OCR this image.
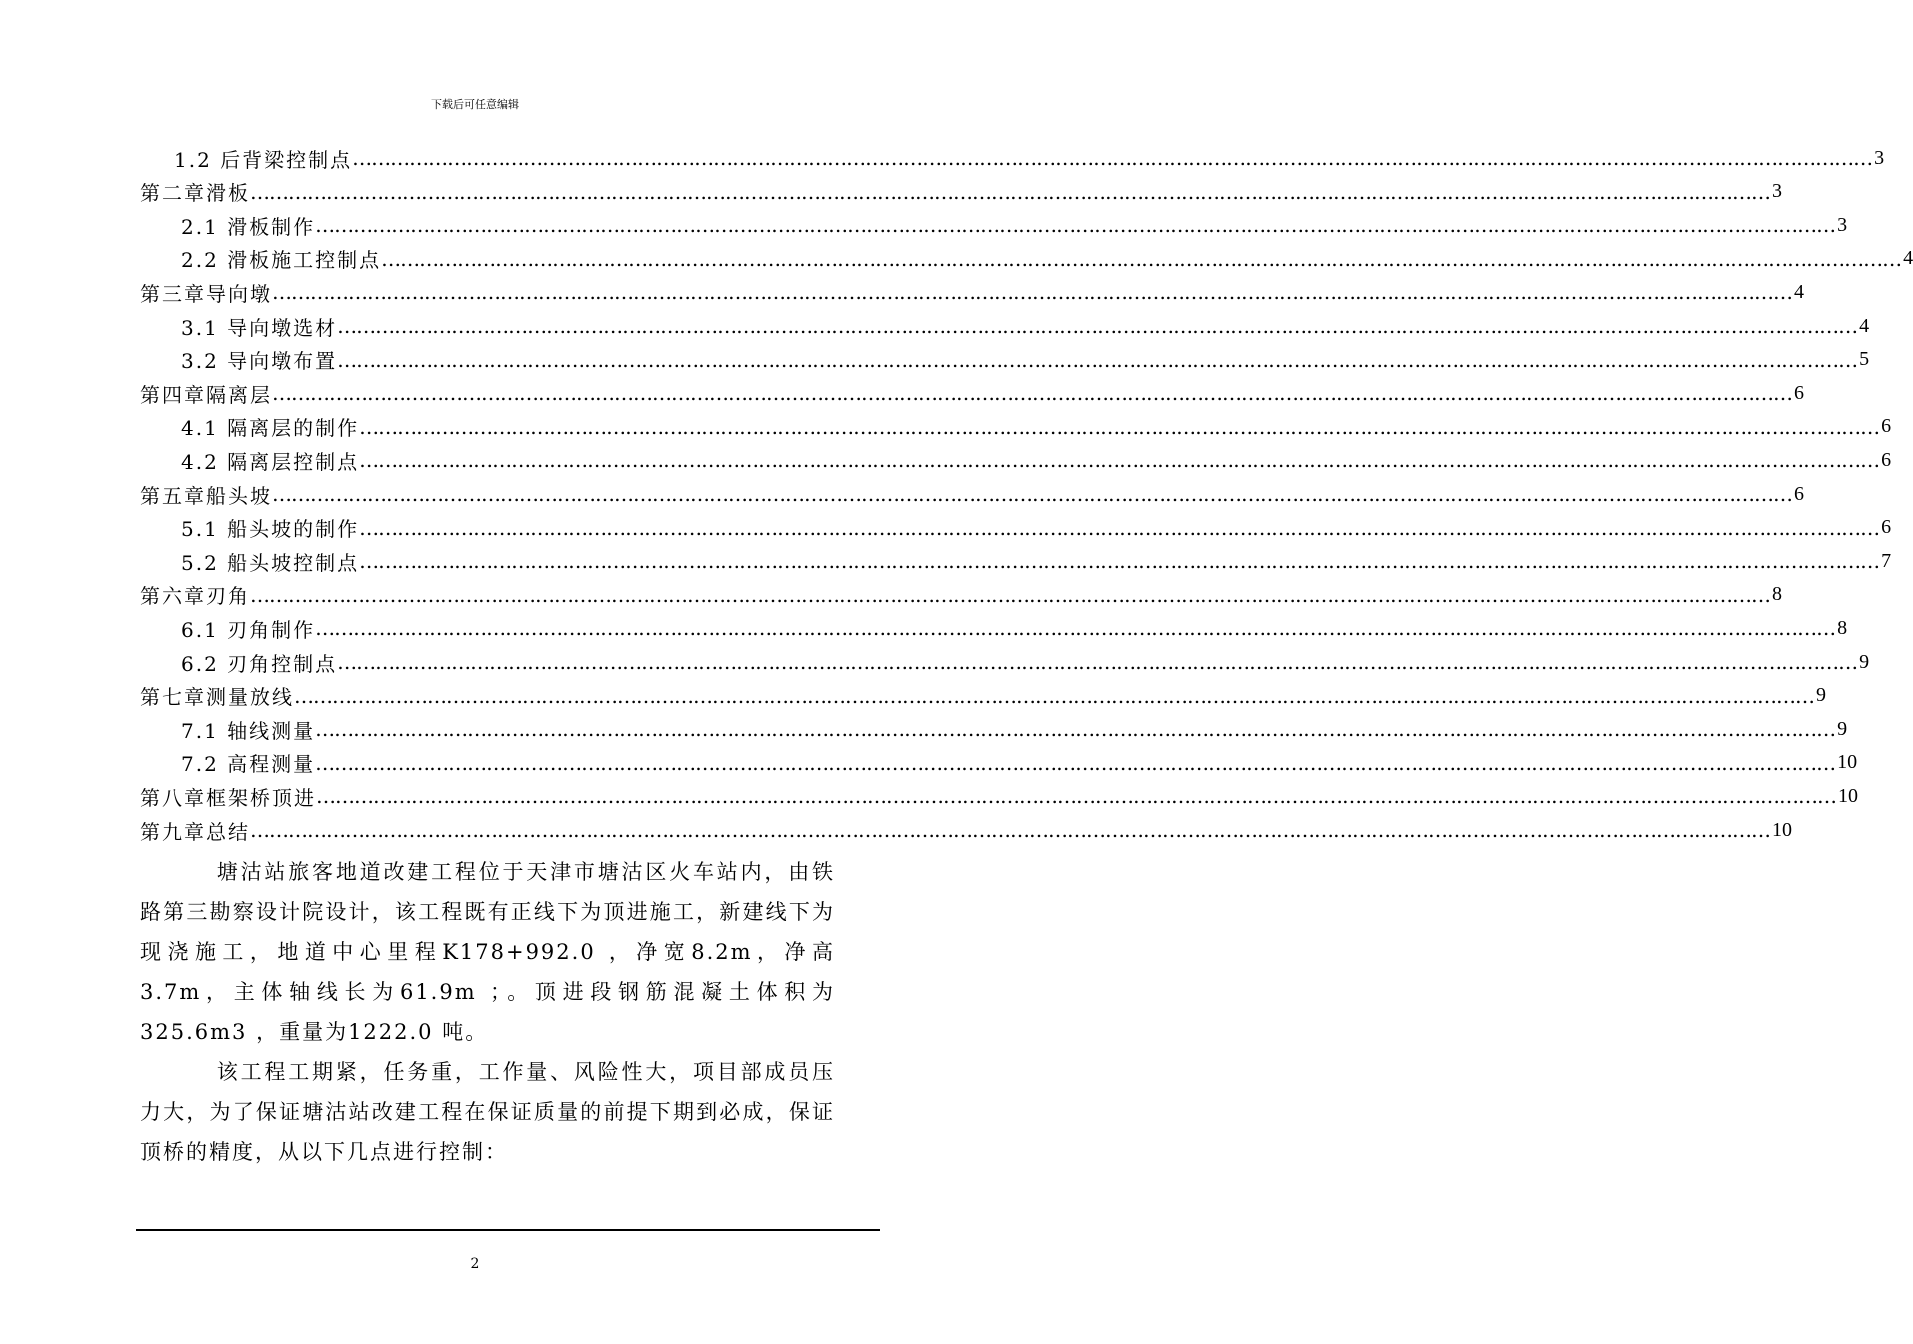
下载后可任意编辑
1.2 后背梁控制点 …………………………………………………………………………………………………………………………………………………………………………………………………………………… 3
第二章 滑板 …………………………………………………………………………………………………………………………………………………………………………………………………………………… 3
2.1 滑板制作 …………………………………………………………………………………………………………………………………………………………………………………………………………………… 3
2.2 滑板施工控制点 …………………………………………………………………………………………………………………………………………………………………………………………………………………… 4
第三章 导向墩 …………………………………………………………………………………………………………………………………………………………………………………………………………………… 4
3.1 导向墩选材 …………………………………………………………………………………………………………………………………………………………………………………………………………………… 4
3.2 导向墩布置 …………………………………………………………………………………………………………………………………………………………………………………………………………………… 5
第四章 隔离层 …………………………………………………………………………………………………………………………………………………………………………………………………………………… 6
4.1 隔离层的制作 …………………………………………………………………………………………………………………………………………………………………………………………………………………… 6
4.2 隔离层控制点 …………………………………………………………………………………………………………………………………………………………………………………………………………………… 6
第五章 船头坡 …………………………………………………………………………………………………………………………………………………………………………………………………………………… 6
5.1 船头坡的制作 …………………………………………………………………………………………………………………………………………………………………………………………………………………… 6
5.2 船头坡控制点 …………………………………………………………………………………………………………………………………………………………………………………………………………………… 7
第六章 刃角 …………………………………………………………………………………………………………………………………………………………………………………………………………………… 8
6.1 刃角制作 …………………………………………………………………………………………………………………………………………………………………………………………………………………… 8
6.2 刃角控制点 …………………………………………………………………………………………………………………………………………………………………………………………………………………… 9
第七章 测量放线 …………………………………………………………………………………………………………………………………………………………………………………………………………………… 9
7.1 轴线测量 …………………………………………………………………………………………………………………………………………………………………………………………………………………… 9
7.2 高程测量 …………………………………………………………………………………………………………………………………………………………………………………………………………………… 10
第八章 框架桥顶进 …………………………………………………………………………………………………………………………………………………………………………………………………………………… 10
第九章 总结 …………………………………………………………………………………………………………………………………………………………………………………………………………………… 10
塘沽站旅客地道改建工程位于天津市塘沽区火车站内，由铁路第三勘察设计院设计，该工程既有正线下为顶进施工，新建线下为现浇施工，地道中心里程K178+992.0 ，净宽8.2m，净高3.7m，主体轴线长为61.9m ；。顶进段钢筋混凝土体积为325.6m3 ，重量为1222.0 吨。
该工程工期紧，任务重，工作量、风险性大，项目部成员压力大，为了保证塘沽站改建工程在保证质量的前提下期到必成，保证顶桥的精度，从以下几点进行控制：
2
